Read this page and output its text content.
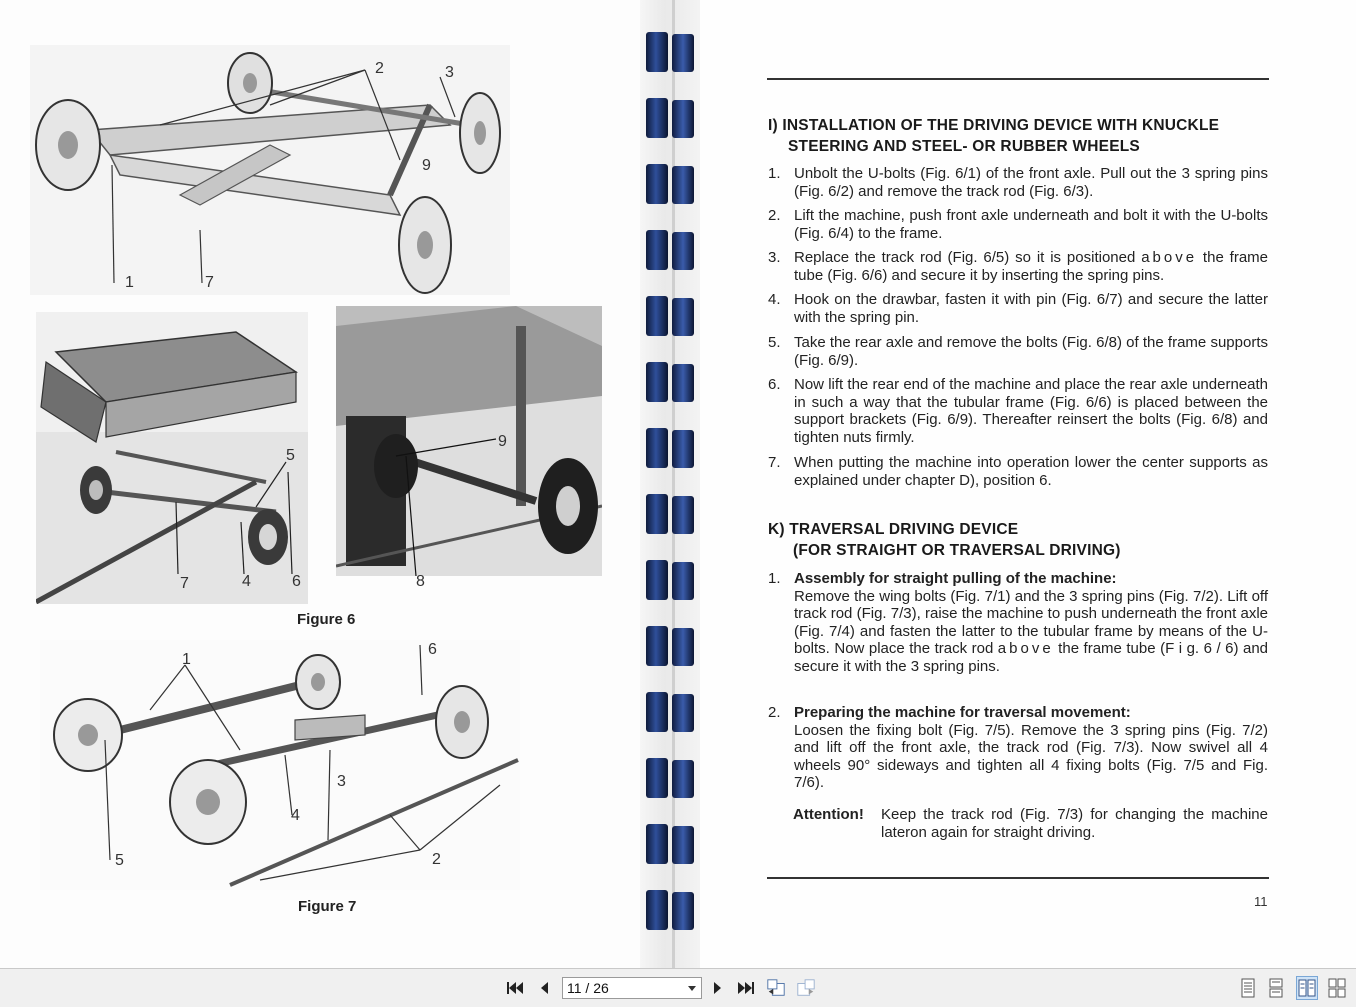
1	7
2	3
9
5
7	4	6
9
8
Figure 6
1
6
3
4
5	2
Figure 7
I) INSTALLATION OF THE DRIVING DEVICE WITH KNUCKLE
STEERING AND STEEL- OR RUBBER WHEELS
1. Unbolt the U-bolts (Fig. 6/1) of the front axle. Pull out the 3 spring pins (Fig. 6/2) and remove the track rod (Fig. 6/3).
2. Lift the machine, push front axle underneath and bolt it with the U-bolts (Fig. 6/4) to the frame.
3. Replace the track rod (Fig. 6/5) so it is positioned above the frame tube (Fig. 6/6) and secure it by inserting the spring pins.
4. Hook on the drawbar, fasten it with pin (Fig. 6/7) and secure the latter with the spring pin.
5. Take the rear axle and remove the bolts (Fig. 6/8) of the frame supports (Fig. 6/9).
6. Now lift the rear end of the machine and place the rear axle underneath in such a way that the tubular frame (Fig. 6/6) is placed between the support brackets (Fig. 6/9). Thereafter reinsert the bolts (Fig. 6/8) and tighten nuts firmly.
7. When putting the machine into operation lower the center supports as explained under chapter D), position 6.
K) TRAVERSAL DRIVING DEVICE
(FOR STRAIGHT OR TRAVERSAL DRIVING)
1. Assembly for straight pulling of the machine:
Remove the wing bolts (Fig. 7/1) and the 3 spring pins (Fig. 7/2). Lift off track rod (Fig. 7/3), raise the machine to push underneath the front axle (Fig. 7/4) and fasten the latter to the tubular frame by means of the U-bolts. Now place the track rod above the frame tube (F i g. 6 / 6) and secure it with the 3 spring pins.
2. Preparing the machine for traversal movement:
Loosen the fixing bolt (Fig. 7/5). Remove the 3 spring pins (Fig. 7/2) and lift off the front axle, the track rod (Fig. 7/3). Now swivel all 4 wheels 90° sideways and tighten all 4 fixing bolts (Fig. 7/5 and Fig. 7/6).
Attention! Keep the track rod (Fig. 7/3) for changing the machine lateron again for straight driving.
11
11 / 26
